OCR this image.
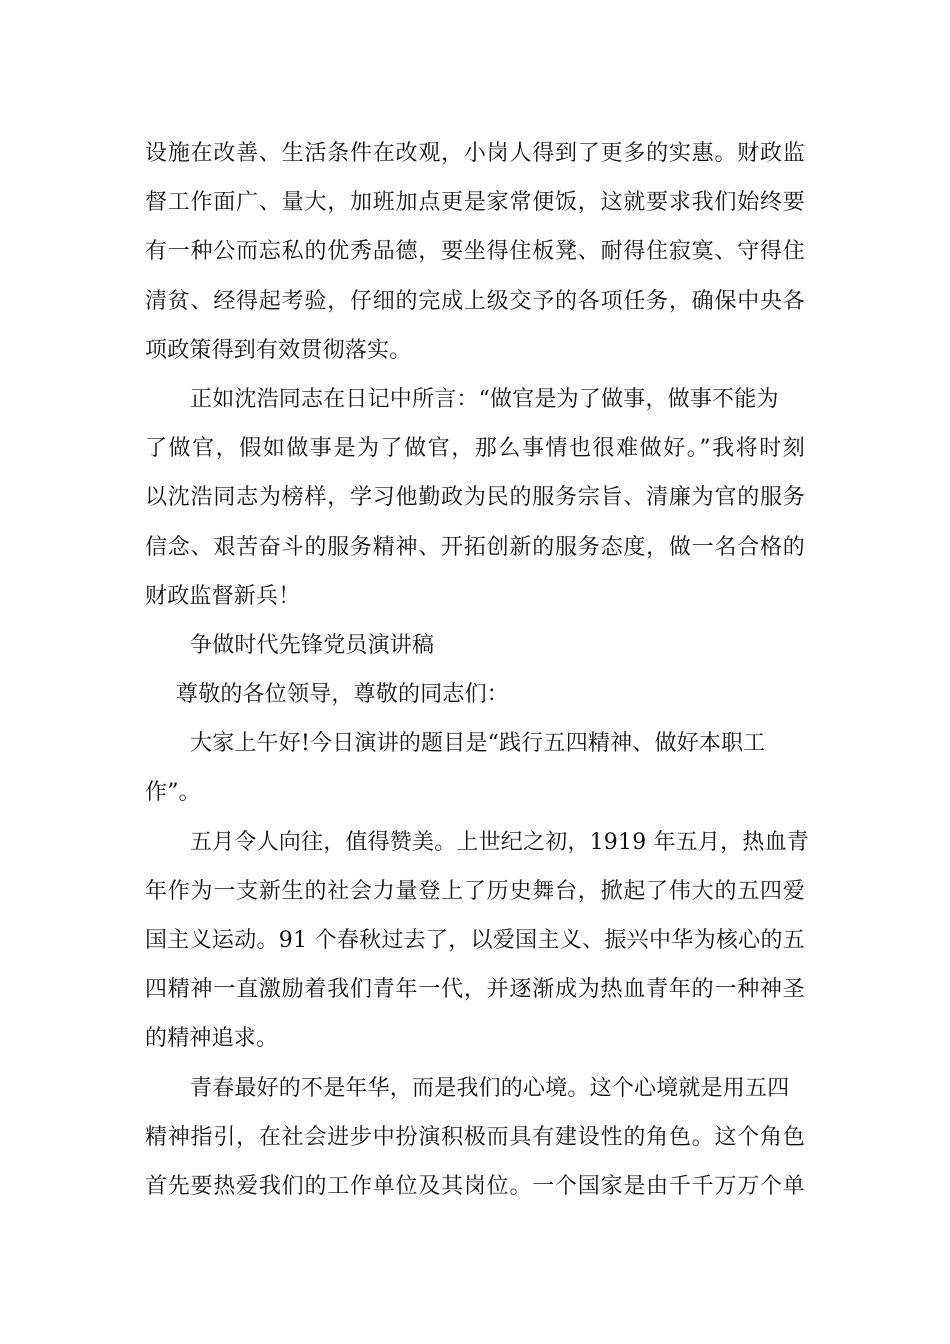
设施在改善、生活条件在改观，小岗人得到了更多的实惠。财政监
督工作面广、量大，加班加点更是家常便饭，这就要求我们始终要
有一种公而忘私的优秀品德，要坐得住板凳、耐得住寂寞、守得住
清贫、经得起考验，仔细的完成上级交予的各项任务，确保中央各
项政策得到有效贯彻落实。
正如沈浩同志在日记中所言：“做官是为了做事，做事不能为
了做官，假如做事是为了做官，那么事情也很难做好。”我将时刻
以沈浩同志为榜样，学习他勤政为民的服务宗旨、清廉为官的服务
信念、艰苦奋斗的服务精神、开拓创新的服务态度，做一名合格的
财政监督新兵！
争做时代先锋党员演讲稿
尊敬的各位领导，尊敬的同志们：
大家上午好!今日演讲的题目是“践行五四精神、做好本职工
作”。
五月令人向往，值得赞美。上世纪之初，1919 年五月，热血青
年作为一支新生的社会力量登上了历史舞台，掀起了伟大的五四爱
国主义运动。91 个春秋过去了，以爱国主义、振兴中华为核心的五
四精神一直激励着我们青年一代，并逐渐成为热血青年的一种神圣
的精神追求。
青春最好的不是年华，而是我们的心境。这个心境就是用五四
精神指引，在社会进步中扮演积极而具有建设性的角色。这个角色
首先要热爱我们的工作单位及其岗位。一个国家是由千千万万个单
